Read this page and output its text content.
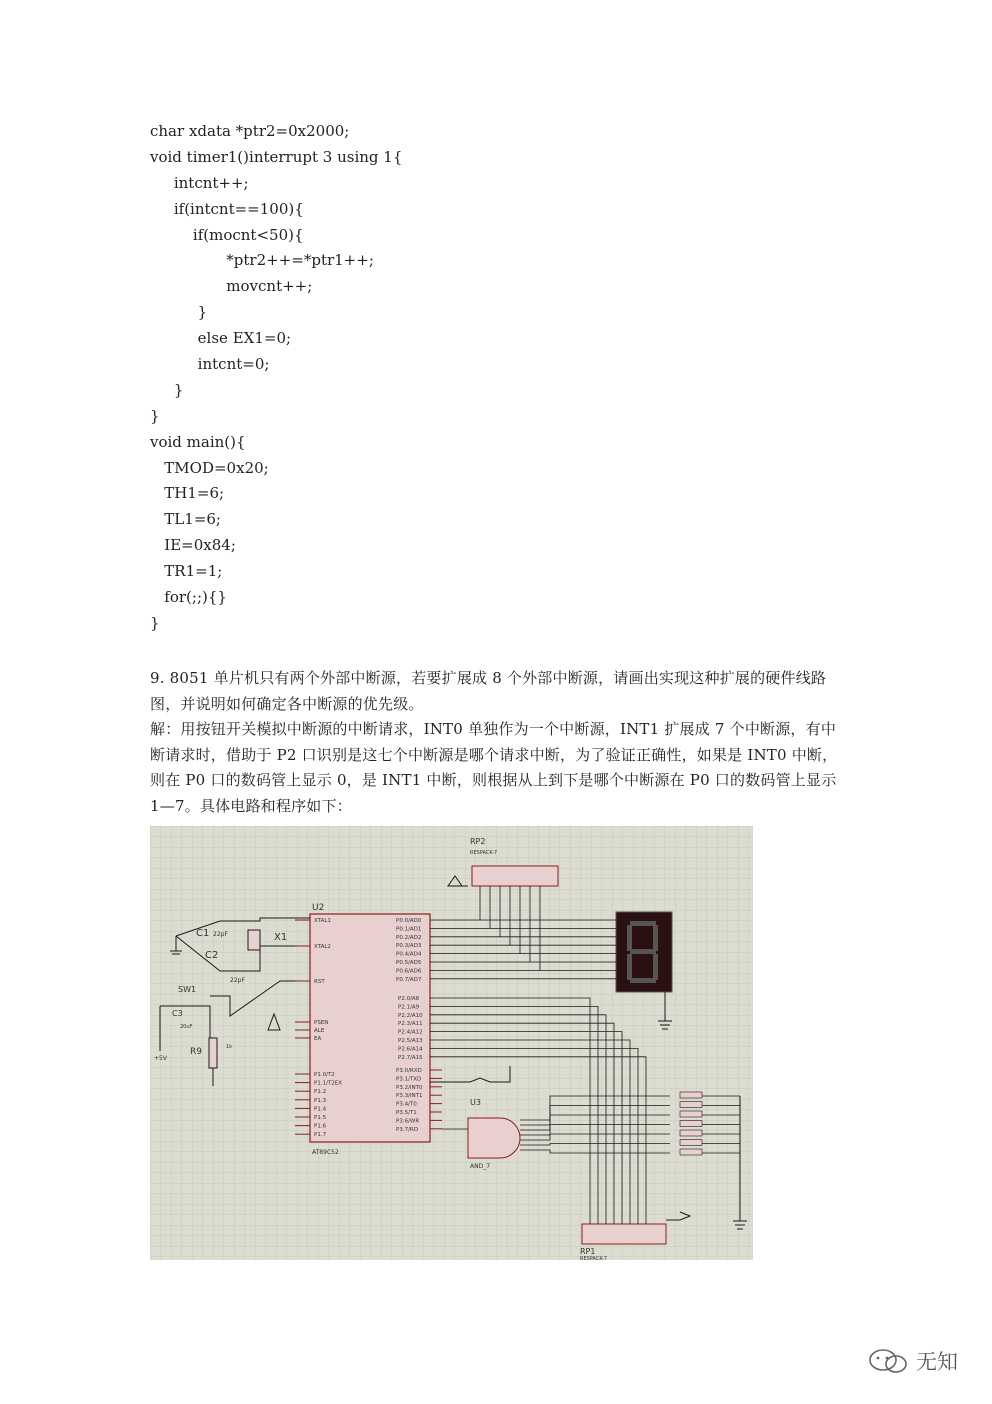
char xdata *ptr2=0x2000;
void timer1()interrupt 3 using 1{
intcnt++;
if(intcnt==100){
if(mocnt<50){
*ptr2++=*ptr1++;
movcnt++;
}
else EX1=0;
intcnt=0;
}
}
void main(){
TMOD=0x20;
TH1=6;
TL1=6;
IE=0x84;
TR1=1;
for(;;){}
}
9. 8051 单片机只有两个外部中断源，若要扩展成 8 个外部中断源，请画出实现这种扩展的硬件线路图，并说明如何确定各中断源的优先级。
解：用按钮开关模拟中断源的中断请求，INT0 单独作为一个中断源，INT1 扩展成 7 个中断源，有中断请求时，借助于 P2 口识别是这七个中断源是哪个请求中断，为了验证正确性，如果是 INT0 中断，则在 P0 口的数码管上显示 0，是 INT1 中断，则根据从上到下是哪个中断源在 P0 口的数码管上显示 1—7。具体电路和程序如下：
U2
AT89C52
RP2
RESPACK-7
C1 22pF
C2
22pF
X1
SW1
C3
20uF
R9	1k
+5V
U3
AND_7
RP1
RESPACK-7
XTAL1
XTAL2
RST
PSEN
ALE
EA
P1.0/T2
P1.1/T2EX
P1.2
P1.3
P1.4
P1.5
P1.6
P1.7
P0.0/AD0
P0.1/AD1
P0.2/AD2
P0.3/AD3
P0.4/AD4
P0.5/AD5
P0.6/AD6
P0.7/AD7
P2.0/A8
P2.1/A9
P2.2/A10
P2.3/A11
P2.4/A12
P2.5/A13
P2.6/A14
P2.7/A15
P3.0/RXD
P3.1/TXD
P3.2/INT0
P3.3/INT1
P3.4/T0
P3.5/T1
P3.6/WR
P3.7/RD
无知
